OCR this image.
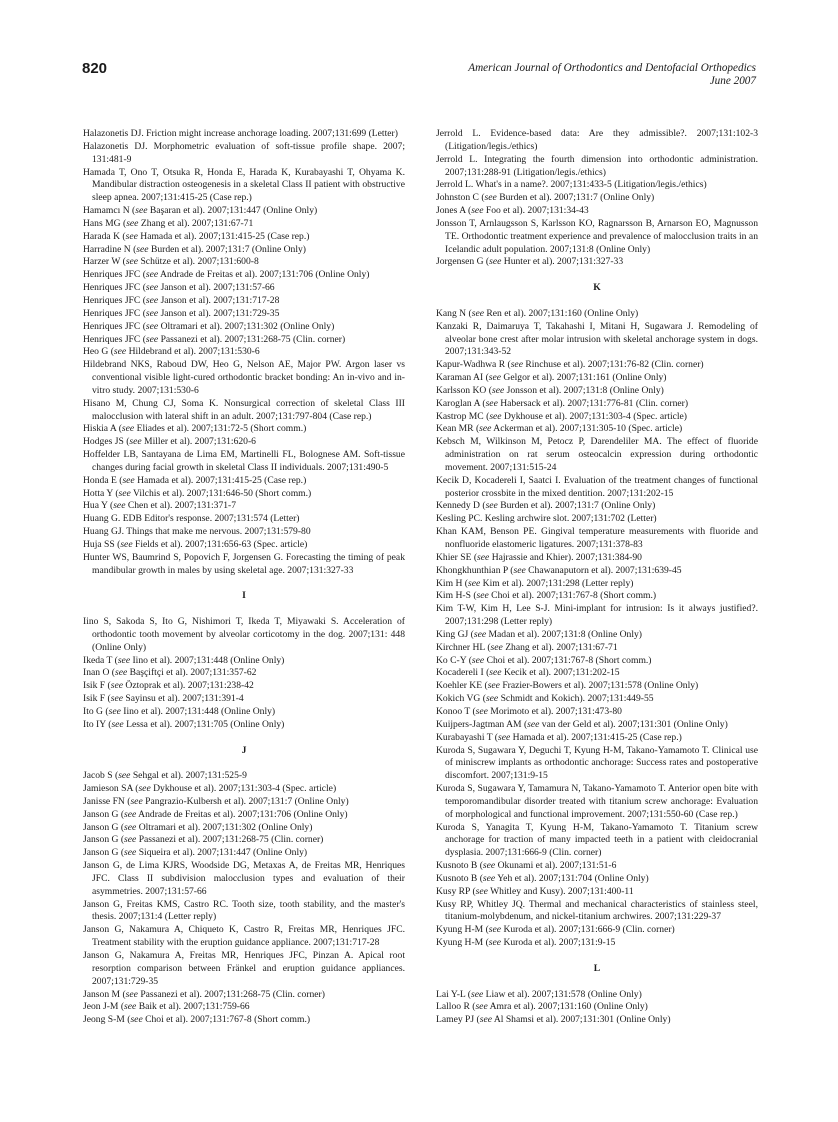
820	American Journal of Orthodontics and Dentofacial Orthopedics
June 2007
Halazonetis DJ. Friction might increase anchorage loading. 2007;131:699 (Letter)
Halazonetis DJ. Morphometric evaluation of soft-tissue profile shape. 2007; 131:481-9
Hamada T, Ono T, Otsuka R, Honda E, Harada K, Kurabayashi T, Ohyama K. Mandibular distraction osteogenesis in a skeletal Class II patient with obstructive sleep apnea. 2007;131:415-25 (Case rep.)
Hamamcı N (see Başaran et al). 2007;131:447 (Online Only)
Hans MG (see Zhang et al). 2007;131:67-71
Harada K (see Hamada et al). 2007;131:415-25 (Case rep.)
Harradine N (see Burden et al). 2007;131:7 (Online Only)
Harzer W (see Schütze et al). 2007;131:600-8
Henriques JFC (see Andrade de Freitas et al). 2007;131:706 (Online Only)
Henriques JFC (see Janson et al). 2007;131:57-66
Henriques JFC (see Janson et al). 2007;131:717-28
Henriques JFC (see Janson et al). 2007;131:729-35
Henriques JFC (see Oltramari et al). 2007;131:302 (Online Only)
Henriques JFC (see Passanezi et al). 2007;131:268-75 (Clin. corner)
Heo G (see Hildebrand et al). 2007;131:530-6
Hildebrand NKS, Raboud DW, Heo G, Nelson AE, Major PW. Argon laser vs conventional visible light-cured orthodontic bracket bonding: An in-vivo and in-vitro study. 2007;131:530-6
Hisano M, Chung CJ, Soma K. Nonsurgical correction of skeletal Class III malocclusion with lateral shift in an adult. 2007;131:797-804 (Case rep.)
Hiskia A (see Eliades et al). 2007;131:72-5 (Short comm.)
Hodges JS (see Miller et al). 2007;131:620-6
Hoffelder LB, Santayana de Lima EM, Martinelli FL, Bolognese AM. Soft-tissue changes during facial growth in skeletal Class II individuals. 2007;131:490-5
Honda E (see Hamada et al). 2007;131:415-25 (Case rep.)
Hotta Y (see Vilchis et al). 2007;131:646-50 (Short comm.)
Hua Y (see Chen et al). 2007;131:371-7
Huang G. EDB Editor's response. 2007;131:574 (Letter)
Huang GJ. Things that make me nervous. 2007;131:579-80
Huja SS (see Fields et al). 2007;131:656-63 (Spec. article)
Hunter WS, Baumrind S, Popovich F, Jorgensen G. Forecasting the timing of peak mandibular growth in males by using skeletal age. 2007;131:327-33
I
Iino S, Sakoda S, Ito G, Nishimori T, Ikeda T, Miyawaki S. Acceleration of orthodontic tooth movement by alveolar corticotomy in the dog. 2007;131: 448 (Online Only)
Ikeda T (see Iino et al). 2007;131:448 (Online Only)
Inan O (see Başçiftçi et al). 2007;131:357-62
Isik F (see Öztoprak et al). 2007;131:238-42
Isik F (see Sayinsu et al). 2007;131:391-4
Ito G (see Iino et al). 2007;131:448 (Online Only)
Ito IY (see Lessa et al). 2007;131:705 (Online Only)
J
Jacob S (see Sehgal et al). 2007;131:525-9
Jamieson SA (see Dykhouse et al). 2007;131:303-4 (Spec. article)
Janisse FN (see Pangrazio-Kulbersh et al). 2007;131:7 (Online Only)
Janson G (see Andrade de Freitas et al). 2007;131:706 (Online Only)
Janson G (see Oltramari et al). 2007;131:302 (Online Only)
Janson G (see Passanezi et al). 2007;131:268-75 (Clin. corner)
Janson G (see Siqueira et al). 2007;131:447 (Online Only)
Janson G, de Lima KJRS, Woodside DG, Metaxas A, de Freitas MR, Henriques JFC. Class II subdivision malocclusion types and evaluation of their asymmetries. 2007;131:57-66
Janson G, Freitas KMS, Castro RC. Tooth size, tooth stability, and the master's thesis. 2007;131:4 (Letter reply)
Janson G, Nakamura A, Chiqueto K, Castro R, Freitas MR, Henriques JFC. Treatment stability with the eruption guidance appliance. 2007;131:717-28
Janson G, Nakamura A, Freitas MR, Henriques JFC, Pinzan A. Apical root resorption comparison between Fränkel and eruption guidance appliances. 2007;131:729-35
Janson M (see Passanezi et al). 2007;131:268-75 (Clin. corner)
Jeon J-M (see Baik et al). 2007;131:759-66
Jeong S-M (see Choi et al). 2007;131:767-8 (Short comm.)
Jerrold L. Evidence-based data: Are they admissible?. 2007;131:102-3 (Litigation/legis./ethics)
Jerrold L. Integrating the fourth dimension into orthodontic administration. 2007;131:288-91 (Litigation/legis./ethics)
Jerrold L. What's in a name?. 2007;131:433-5 (Litigation/legis./ethics)
Johnston C (see Burden et al). 2007;131:7 (Online Only)
Jones A (see Foo et al). 2007;131:34-43
Jonsson T, Arnlaugsson S, Karlsson KO, Ragnarsson B, Arnarson EO, Magnusson TE. Orthodontic treatment experience and prevalence of malocclusion traits in an Icelandic adult population. 2007;131:8 (Online Only)
Jorgensen G (see Hunter et al). 2007;131:327-33
K
Kang N (see Ren et al). 2007;131:160 (Online Only)
Kanzaki R, Daimaruya T, Takahashi I, Mitani H, Sugawara J. Remodeling of alveolar bone crest after molar intrusion with skeletal anchorage system in dogs. 2007;131:343-52
Kapur-Wadhwa R (see Rinchuse et al). 2007;131:76-82 (Clin. corner)
Karaman AI (see Gelgor et al). 2007;131:161 (Online Only)
Karlsson KO (see Jonsson et al). 2007;131:8 (Online Only)
Karoglan A (see Habersack et al). 2007;131:776-81 (Clin. corner)
Kastrop MC (see Dykhouse et al). 2007;131:303-4 (Spec. article)
Kean MR (see Ackerman et al). 2007;131:305-10 (Spec. article)
Kebsch M, Wilkinson M, Petocz P, Darendeliler MA. The effect of fluoride administration on rat serum osteocalcin expression during orthodontic movement. 2007;131:515-24
Kecik D, Kocadereli I, Saatci I. Evaluation of the treatment changes of functional posterior crossbite in the mixed dentition. 2007;131:202-15
Kennedy D (see Burden et al). 2007;131:7 (Online Only)
Kesling PC. Kesling archwire slot. 2007;131:702 (Letter)
Khan KAM, Benson PE. Gingival temperature measurements with fluoride and nonfluoride elastomeric ligatures. 2007;131:378-83
Khier SE (see Hajrassie and Khier). 2007;131:384-90
Khongkhunthian P (see Chawanaputorn et al). 2007;131:639-45
Kim H (see Kim et al). 2007;131:298 (Letter reply)
Kim H-S (see Choi et al). 2007;131:767-8 (Short comm.)
Kim T-W, Kim H, Lee S-J. Mini-implant for intrusion: Is it always justified?. 2007;131:298 (Letter reply)
King GJ (see Madan et al). 2007;131:8 (Online Only)
Kirchner HL (see Zhang et al). 2007;131:67-71
Ko C-Y (see Choi et al). 2007;131:767-8 (Short comm.)
Kocadereli I (see Kecik et al). 2007;131:202-15
Koehler KE (see Frazier-Bowers et al). 2007;131:578 (Online Only)
Kokich VG (see Schmidt and Kokich). 2007;131:449-55
Konoo T (see Morimoto et al). 2007;131:473-80
Kuijpers-Jagtman AM (see van der Geld et al). 2007;131:301 (Online Only)
Kurabayashi T (see Hamada et al). 2007;131:415-25 (Case rep.)
Kuroda S, Sugawara Y, Deguchi T, Kyung H-M, Takano-Yamamoto T. Clinical use of miniscrew implants as orthodontic anchorage: Success rates and postoperative discomfort. 2007;131:9-15
Kuroda S, Sugawara Y, Tamamura N, Takano-Yamamoto T. Anterior open bite with temporomandibular disorder treated with titanium screw anchorage: Evaluation of morphological and functional improvement. 2007;131:550-60 (Case rep.)
Kuroda S, Yanagita T, Kyung H-M, Takano-Yamamoto T. Titanium screw anchorage for traction of many impacted teeth in a patient with cleidocranial dysplasia. 2007;131:666-9 (Clin. corner)
Kusnoto B (see Okunami et al). 2007;131:51-6
Kusnoto B (see Yeh et al). 2007;131:704 (Online Only)
Kusy RP (see Whitley and Kusy). 2007;131:400-11
Kusy RP, Whitley JQ. Thermal and mechanical characteristics of stainless steel, titanium-molybdenum, and nickel-titanium archwires. 2007;131:229-37
Kyung H-M (see Kuroda et al). 2007;131:666-9 (Clin. corner)
Kyung H-M (see Kuroda et al). 2007;131:9-15
L
Lai Y-L (see Liaw et al). 2007;131:578 (Online Only)
Lalloo R (see Amra et al). 2007;131:160 (Online Only)
Lamey PJ (see Al Shamsi et al). 2007;131:301 (Online Only)
